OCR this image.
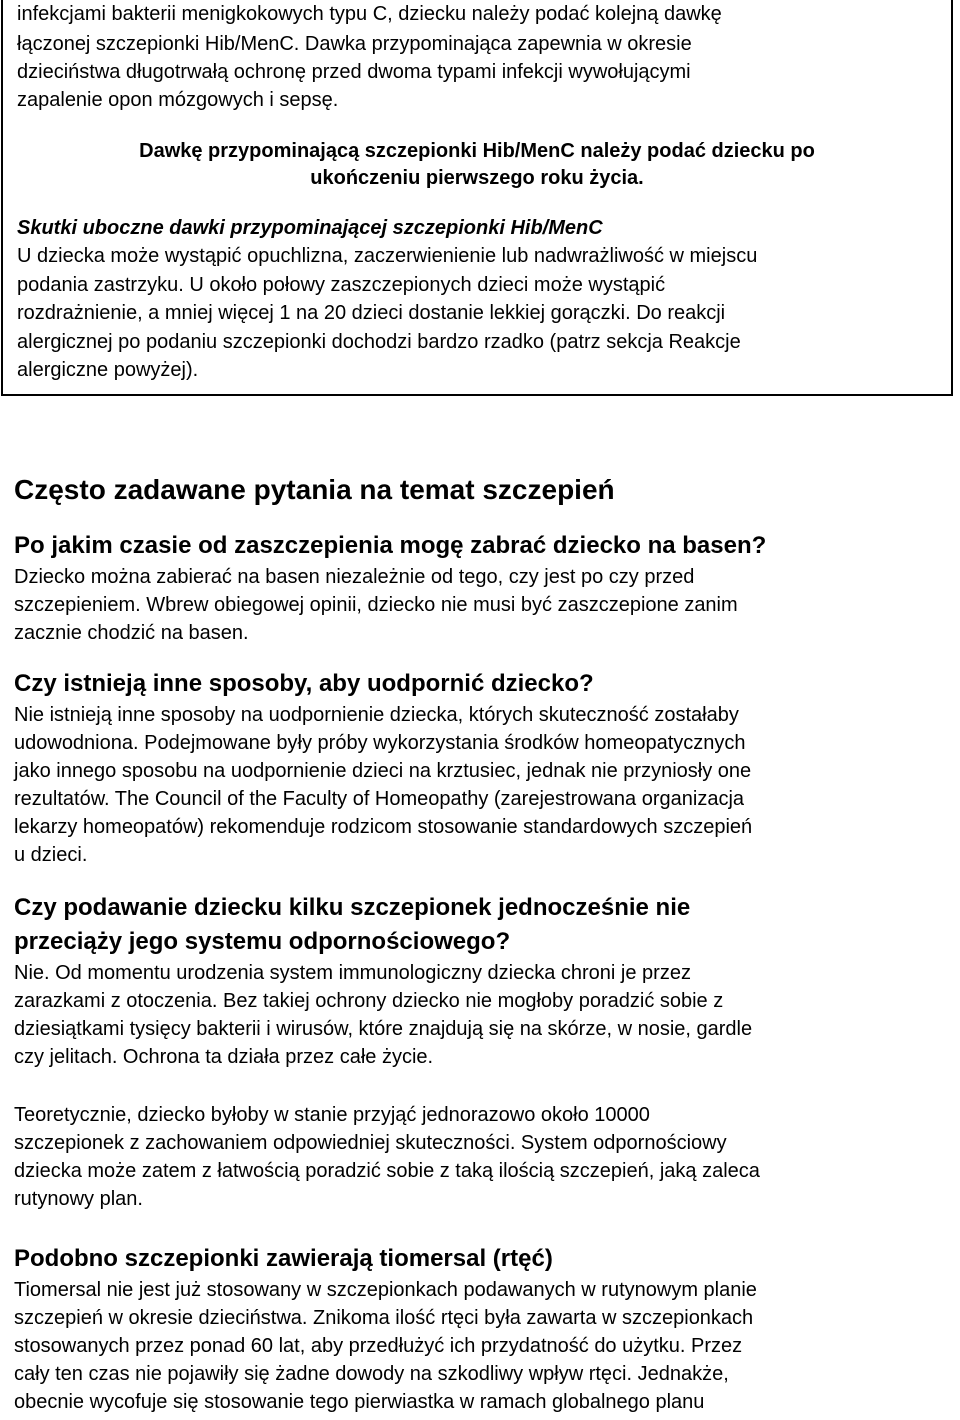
infekcjami bakterii menigkokowych typu C, dziecku należy podać kolejną dawkę

łączonej szczepionki Hib/MenC. Dawka przypominająca zapewnia w okresie

dzieciństwa długotrwałą ochronę przed dwoma typami infekcji wywołującymi

zapalenie opon mózgowych i sepsę.

Dawkę przypominającą szczepionki Hib/MenC należy podać dziecku po

ukończeniu pierwszego roku życia.

Skutki uboczne dawki przypominającej szczepionki Hib/MenC

U dziecka może wystąpić opuchlizna, zaczerwienienie lub nadwrażliwość w miejscu

podania zastrzyku. U około połowy zaszczepionych dzieci może wystąpić

rozdrażnienie, a mniej więcej 1 na 20 dzieci dostanie lekkiej gorączki. Do reakcji

alergicznej po podaniu szczepionki dochodzi bardzo rzadko (patrz sekcja Reakcje

alergiczne powyżej).

Często zadawane pytania na temat szczepień
Po jakim czasie od zaszczepienia mogę zabrać dziecko na basen?

Dziecko można zabierać na basen niezależnie od tego, czy jest po czy przed

szczepieniem. Wbrew obiegowej opinii, dziecko nie musi być zaszczepione zanim

zacznie chodzić na basen.

Czy istnieją inne sposoby, aby uodpornić dziecko?

Nie istnieją inne sposoby na uodpornienie dziecka, których skuteczność zostałaby

udowodniona. Podejmowane były próby wykorzystania środków homeopatycznych

jako innego sposobu na uodpornienie dzieci na krztusiec, jednak nie przyniosły one

rezultatów. The Council of the Faculty of Homeopathy (zarejestrowana organizacja

lekarzy homeopatów) rekomenduje rodzicom stosowanie standardowych szczepień

u dzieci.

Czy podawanie dziecku kilku szczepionek jednocześnie nie
przeciąży jego systemu odpornościowego?

Nie. Od momentu urodzenia system immunologiczny dziecka chroni je przez

zarazkami z otoczenia. Bez takiej ochrony dziecko nie mogłoby poradzić sobie z

dziesiątkami tysięcy bakterii i wirusów, które znajdują się na skórze, w nosie, gardle

czy jelitach. Ochrona ta działa przez całe życie.

Teoretycznie, dziecko byłoby w stanie przyjąć jednorazowo około 10000

szczepionek z zachowaniem odpowiedniej skuteczności. System odpornościowy

dziecka może zatem z łatwością poradzić sobie z taką ilością szczepień, jaką zaleca

rutynowy plan.

Podobno szczepionki zawierają tiomersal (rtęć)

Tiomersal nie jest już stosowany w szczepionkach podawanych w rutynowym planie

szczepień w okresie dzieciństwa. Znikoma ilość rtęci była zawarta w szczepionkach

stosowanych przez ponad 60 lat, aby przedłużyć ich przydatność do użytku. Przez

cały ten czas nie pojawiły się żadne dowody na szkodliwy wpływ rtęci. Jednakże,

obecnie wycofuje się stosowanie tego pierwiastka w ramach globalnego planu
